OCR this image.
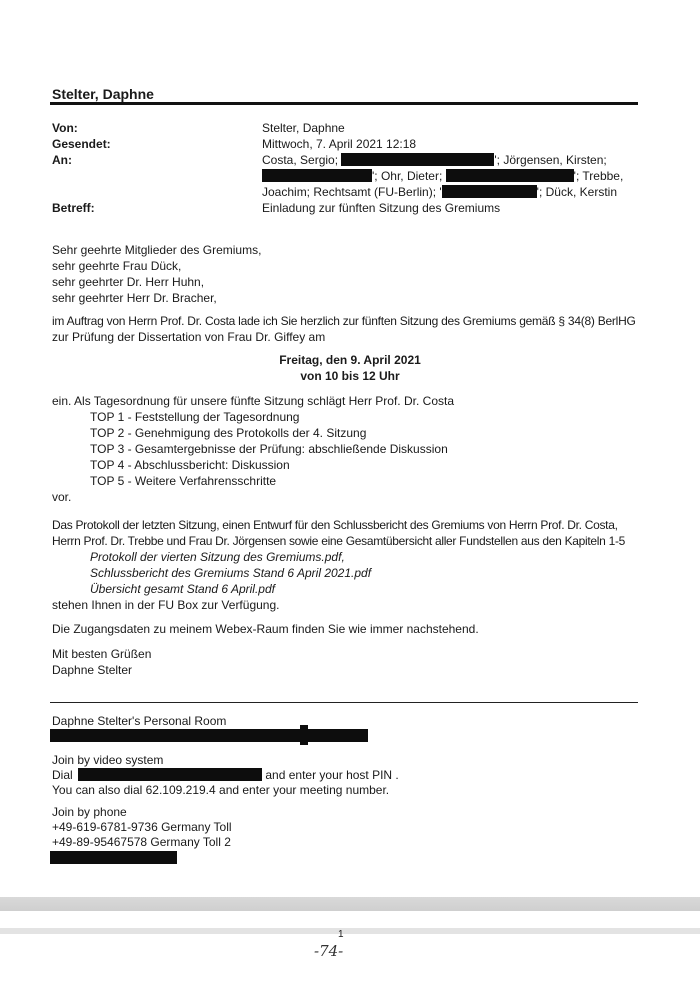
Stelter, Daphne
Von:	Stelter, Daphne
Gesendet:	Mittwoch, 7. April 2021 12:18
An:	Costa, Sergio;	'; Jörgensen, Kirsten;
'; Ohr, Dieter;	'; Trebbe,
Joachim; Rechtsamt (FU-Berlin); '	'; Dück, Kerstin
Betreff:	Einladung zur fünften Sitzung des Gremiums
Sehr geehrte Mitglieder des Gremiums,
sehr geehrte Frau Dück,
sehr geehrter Dr. Herr Huhn,
sehr geehrter Herr Dr. Bracher,
im Auftrag von Herrn Prof. Dr. Costa lade ich Sie herzlich zur fünften Sitzung des Gremiums gemäß § 34(8) BerlHG
zur Prüfung der Dissertation von Frau Dr. Giffey am
Freitag, den 9. April 2021
von 10 bis 12 Uhr
ein. Als Tagesordnung für unsere fünfte Sitzung schlägt Herr Prof. Dr. Costa
TOP 1 - Feststellung der Tagesordnung
TOP 2 - Genehmigung des Protokolls der 4. Sitzung
TOP 3 - Gesamtergebnisse der Prüfung: abschließende Diskussion
TOP 4 - Abschlussbericht: Diskussion
TOP 5 - Weitere Verfahrensschritte
vor.
Das Protokoll der letzten Sitzung, einen Entwurf für den Schlussbericht des Gremiums von Herrn Prof. Dr. Costa,
Herrn Prof. Dr. Trebbe und Frau Dr. Jörgensen sowie eine Gesamtübersicht aller Fundstellen aus den Kapiteln 1-5
Protokoll der vierten Sitzung des Gremiums.pdf,
Schlussbericht des Gremiums Stand 6 April 2021.pdf
Übersicht gesamt Stand 6 April.pdf
stehen Ihnen in der FU Box zur Verfügung.
Die Zugangsdaten zu meinem Webex-Raum finden Sie wie immer nachstehend.
Mit besten Grüßen
Daphne Stelter
Daphne Stelter's Personal Room
Join by video system
Dial	and enter your host PIN .
You can also dial 62.109.219.4 and enter your meeting number.
Join by phone
+49-619-6781-9736 Germany Toll
+49-89-95467578 Germany Toll 2
1
-74-
